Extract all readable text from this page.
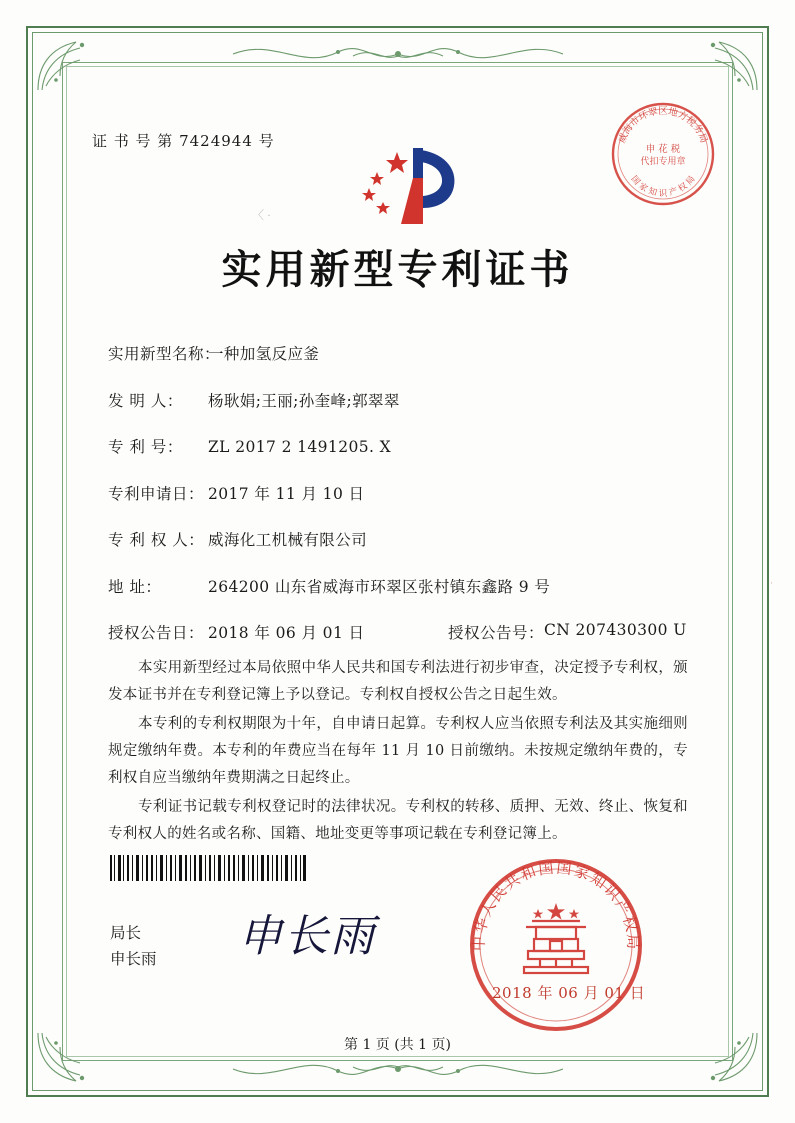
证 书 号 第 7424944 号
〈 ·
·
威海市环翠区地方税务局
国 家 知 识 产 权 局
申 花 税
代扣专用章
实用新型专利证书
实用新型名称：
一种加氢反应釜
发 明 人：	杨耿娟;王丽;孙奎峰;郭翠翠
专 利 号：	ZL 2017 2 1491205. X
专利申请日： 2017 年 11 月 10 日
专 利 权 人： 威海化工机械有限公司
地 址：	264200 山东省威海市环翠区张村镇东鑫路 9 号
授权公告日： 2018 年 06 月 01 日	授权公告号： CN 207430300 U

本实用新型经过本局依照中华人民共和国专利法进行初步审查，决定授予专利权，颁发本证书并在专利登记簿上予以登记。专利权自授权公告之日起生效。

本专利的专利权期限为十年，自申请日起算。专利权人应当依照专利法及其实施细则规定缴纳年费。本专利的年费应当在每年 11 月 10 日前缴纳。未按规定缴纳年费的，专利权自应当缴纳年费期满之日起终止。

专利证书记载专利权登记时的法律状况。专利权的转移、质押、无效、终止、恢复和专利权人的姓名或名称、国籍、地址变更等事项记载在专利登记簿上。

局长
申长雨 申长雨	中华人民共和国国家知识产权局
2018 年 06 月 01 日
第 1 页 (共 1 页)
